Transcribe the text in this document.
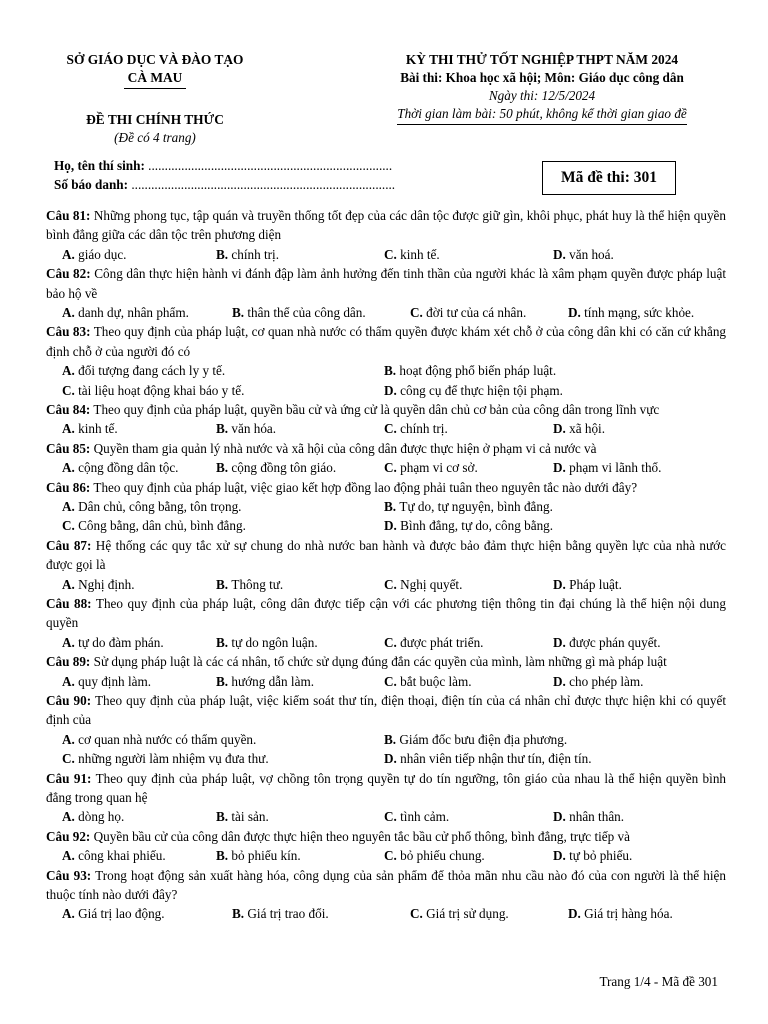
SỞ GIÁO DỤC VÀ ĐÀO TẠO
CÀ MAU
ĐỀ THI CHÍNH THỨC
(Đề có 4 trang)
KỲ THI THỬ TỐT NGHIỆP THPT NĂM 2024
Bài thi: Khoa học xã hội; Môn: Giáo dục công dân
Ngày thi: 12/5/2024
Thời gian làm bài: 50 phút, không kể thời gian giao đề
Họ, tên thí sinh: ..........................................................................
Số báo danh: ................................................................................	Mã đề thi: 301
Câu 81: Những phong tục, tập quán và truyền thống tốt đẹp của các dân tộc được giữ gìn, khôi phục, phát huy là thể hiện quyền bình đẳng giữa các dân tộc trên phương diện
A. giáo dục.	B. chính trị.	C. kinh tế.	D. văn hoá.
Câu 82: Công dân thực hiện hành vi đánh đập làm ảnh hưởng đến tinh thần của người khác là xâm phạm quyền được pháp luật bảo hộ về
A. danh dự, nhân phẩm.	B. thân thể của công dân.	C. đời tư của cá nhân.	D. tính mạng, sức khỏe.
Câu 83: Theo quy định của pháp luật, cơ quan nhà nước có thẩm quyền được khám xét chỗ ở của công dân khi có căn cứ khẳng định chỗ ở của người đó có
A. đối tượng đang cách ly y tế.	B. hoạt động phổ biến pháp luật.
C. tài liệu hoạt động khai báo y tế.	D. công cụ để thực hiện tội phạm.
Câu 84: Theo quy định của pháp luật, quyền bầu cử và ứng cử là quyền dân chủ cơ bản của công dân trong lĩnh vực
A. kinh tế.	B. văn hóa.	C. chính trị.	D. xã hội.
Câu 85: Quyền tham gia quản lý nhà nước và xã hội của công dân được thực hiện ở phạm vi cả nước và
A. cộng đồng dân tộc.	B. cộng đồng tôn giáo.	C. phạm vi cơ sở.	D. phạm vi lãnh thổ.
Câu 86: Theo quy định của pháp luật, việc giao kết hợp đồng lao động phải tuân theo nguyên tắc nào dưới đây?
A. Dân chủ, công bằng, tôn trọng.	B. Tự do, tự nguyện, bình đẳng.
C. Công bằng, dân chủ, bình đẳng.	D. Bình đẳng, tự do, công bằng.
Câu 87: Hệ thống các quy tắc xử sự chung do nhà nước ban hành và được bảo đảm thực hiện bằng quyền lực của nhà nước được gọi là
A. Nghị định.	B. Thông tư.	C. Nghị quyết.	D. Pháp luật.
Câu 88: Theo quy định của pháp luật, công dân được tiếp cận với các phương tiện thông tin đại chúng là thể hiện nội dung quyền
A. tự do đàm phán.	B. tự do ngôn luận.	C. được phát triển.	D. được phán quyết.
Câu 89: Sử dụng pháp luật là các cá nhân, tổ chức sử dụng đúng đắn các quyền của mình, làm những gì mà pháp luật
A. quy định làm.	B. hướng dẫn làm.	C. bắt buộc làm.	D. cho phép làm.
Câu 90: Theo quy định của pháp luật, việc kiểm soát thư tín, điện thoại, điện tín của cá nhân chỉ được thực hiện khi có quyết định của
A. cơ quan nhà nước có thẩm quyền.	B. Giám đốc bưu điện địa phương.
C. những người làm nhiệm vụ đưa thư.	D. nhân viên tiếp nhận thư tín, điện tín.
Câu 91: Theo quy định của pháp luật, vợ chồng tôn trọng quyền tự do tín ngưỡng, tôn giáo của nhau là thể hiện quyền bình đẳng trong quan hệ
A. dòng họ.	B. tài sản.	C. tình cảm.	D. nhân thân.
Câu 92: Quyền bầu cử của công dân được thực hiện theo nguyên tắc bầu cử phổ thông, bình đẳng, trực tiếp và
A. công khai phiếu.	B. bỏ phiếu kín.	C. bỏ phiếu chung.	D. tự bỏ phiếu.
Câu 93: Trong hoạt động sản xuất hàng hóa, công dụng của sản phẩm để thỏa mãn nhu cầu nào đó của con người là thể hiện thuộc tính nào dưới đây?
A. Giá trị lao động.	B. Giá trị trao đổi.	C. Giá trị sử dụng.	D. Giá trị hàng hóa.
Trang 1/4 - Mã đề 301
